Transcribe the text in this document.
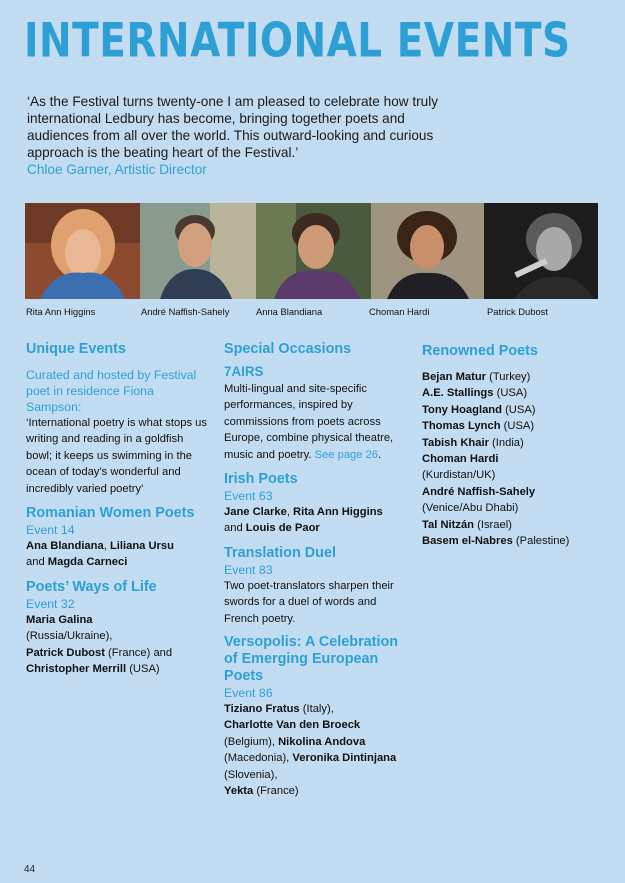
INTERNATIONAL EVENTS
‘As the Festival turns twenty-one I am pleased to celebrate how truly international Ledbury has become, bringing together poets and audiences from all over the world. This outward-looking and curious approach is the beating heart of the Festival.’
Chloe Garner, Artistic Director
Rita Ann Higgins	André Naffish-Sahely	Anna Blandiana	Choman Hardi	Patrick Dubost
Unique Events
Curated and hosted by Festival poet in residence Fiona Sampson:
‘International poetry is what stops us writing and reading in a goldfish bowl; it keeps us swimming in the ocean of today’s wonderful and incredibly varied poetry’
Romanian Women Poets
Event 14
Ana Blandiana, Liliana Ursu
and Magda Carneci
Poets’ Ways of Life
Event 32
Maria Galina
(Russia/Ukraine),
Patrick Dubost (France) and
Christopher Merrill (USA)
Special Occasions
7AIRS
Multi-lingual and site-specific performances, inspired by commissions from poets across Europe, combine physical theatre, music and poetry. See page 26.
Irish Poets
Event 63
Jane Clarke, Rita Ann Higgins and Louis de Paor
Translation Duel
Event 83
Two poet-translators sharpen their swords for a duel of words and French poetry.
Versopolis: A Celebration of Emerging European Poets
Event 86
Tiziano Fratus (Italy),
Charlotte Van den Broeck
(Belgium), Nikolina Andova
(Macedonia), Veronika Dintinjana (Slovenia),
Yekta (France)
Renowned Poets
Bejan Matur (Turkey)
A.E. Stallings (USA)
Tony Hoagland (USA)
Thomas Lynch (USA)
Tabish Khair (India)
Choman Hardi
(Kurdistan/UK)
André Naffish-Sahely
(Venice/Abu Dhabi)
Tal Nitzán (Israel)
Basem el-Nabres (Palestine)
44
